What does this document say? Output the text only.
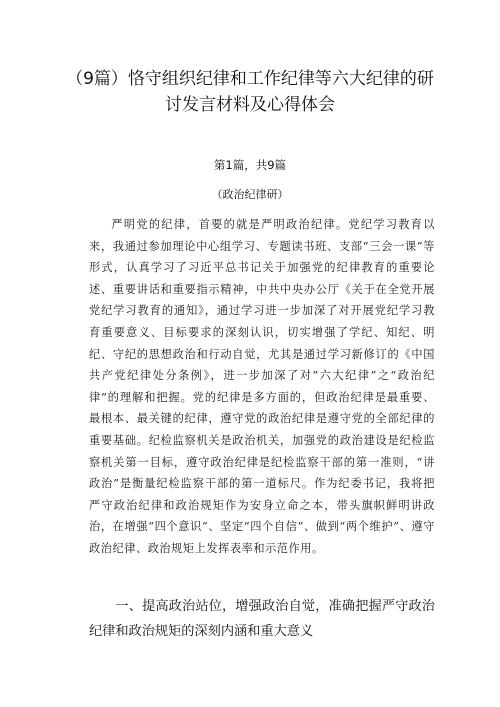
（9篇）恪守组织纪律和工作纪律等六大纪律的研
讨发言材料及心得体会
第1篇，共9篇
（政治纪律研）

严明党的纪律，首要的就是严明政治纪律。党纪学习教育以来，我通过参加理论中心组学习、专题读书班、支部“三会一课”等形式，认真学习了习近平总书记关于加强党的纪律教育的重要论述、重要讲话和重要指示精神，中共中央办公厅《关于在全党开展党纪学习教育的通知》，通过学习进一步加深了对开展党纪学习教育重要意义、目标要求的深刻认识，切实增强了学纪、知纪、明纪、守纪的思想政治和行动自觉，尤其是通过学习新修订的《中国共产党纪律处分条例》，进一步加深了对“六大纪律”之“政治纪律”的理解和把握。党的纪律是多方面的，但政治纪律是最重要、最根本、最关键的纪律，遵守党的政治纪律是遵守党的全部纪律的重要基础。纪检监察机关是政治机关，加强党的政治建设是纪检监察机关第一目标，遵守政治纪律是纪检监察干部的第一准则，“讲政治”是衡量纪检监察干部的第一道标尺。作为纪委书记，我将把严守政治纪律和政治规矩作为安身立命之本，带头旗帜鲜明讲政治，在增强“四个意识”、坚定“四个自信”、做到“两个维护”、遵守政治纪律、政治规矩上发挥表率和示范作用。

一、提高政治站位，增强政治自觉，准确把握严守政治纪律和政治规矩的深刻内涵和重大意义
